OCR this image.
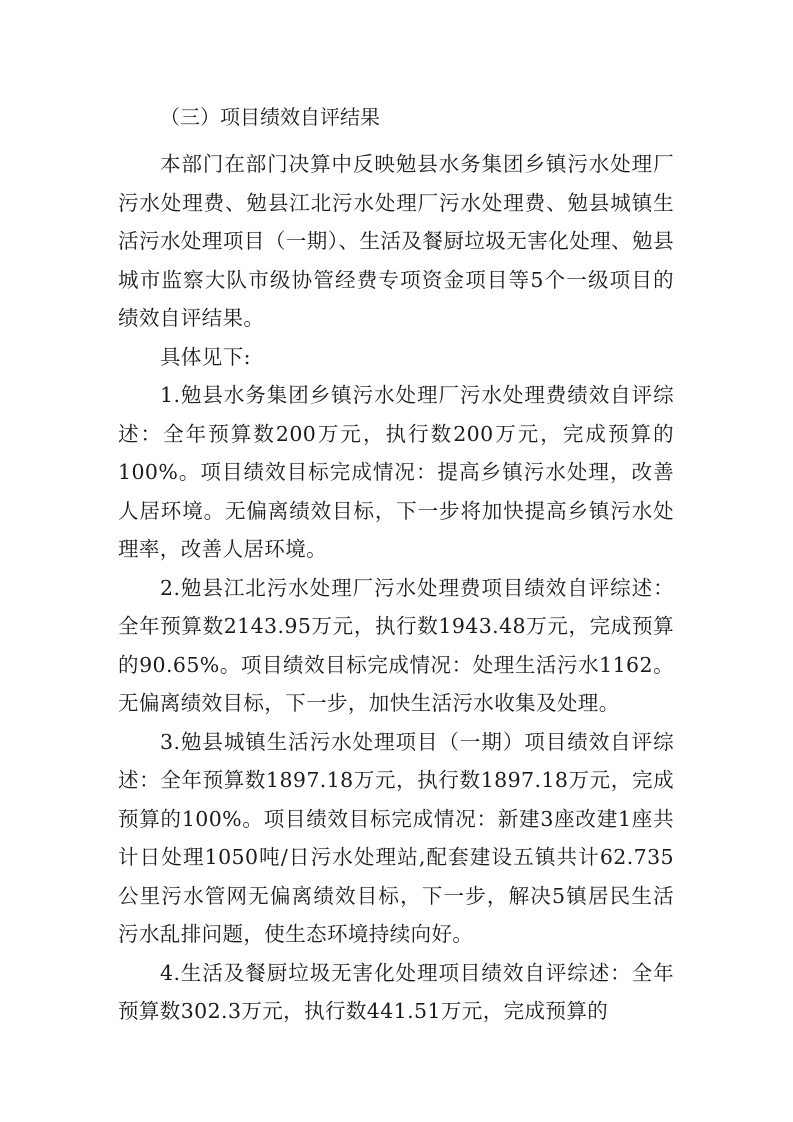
（三）项目绩效自评结果

本部门在部门决算中反映勉县水务集团乡镇污水处理厂污水处理费、勉县江北污水处理厂污水处理费、勉县城镇生活污水处理项目（一期）、生活及餐厨垃圾无害化处理、勉县城市监察大队市级协管经费专项资金项目等5个一级项目的绩效自评结果。

具体见下:

1.勉县水务集团乡镇污水处理厂污水处理费绩效自评综述：全年预算数200万元，执行数200万元，完成预算的100%。项目绩效目标完成情况：提高乡镇污水处理，改善人居环境。无偏离绩效目标，下一步将加快提高乡镇污水处理率，改善人居环境。

2.勉县江北污水处理厂污水处理费项目绩效自评综述：全年预算数2143.95万元，执行数1943.48万元，完成预算的90.65%。项目绩效目标完成情况：处理生活污水1162。无偏离绩效目标，下一步，加快生活污水收集及处理。

3.勉县城镇生活污水处理项目（一期）项目绩效自评综述：全年预算数1897.18万元，执行数1897.18万元，完成预算的100%。项目绩效目标完成情况：新建3座改建1座共计日处理1050吨/日污水处理站,配套建设五镇共计62.735公里污水管网无偏离绩效目标，下一步，解决5镇居民生活污水乱排问题，使生态环境持续向好。

4.生活及餐厨垃圾无害化处理项目绩效自评综述：全年预算数302.3万元，执行数441.51万元，完成预算的
